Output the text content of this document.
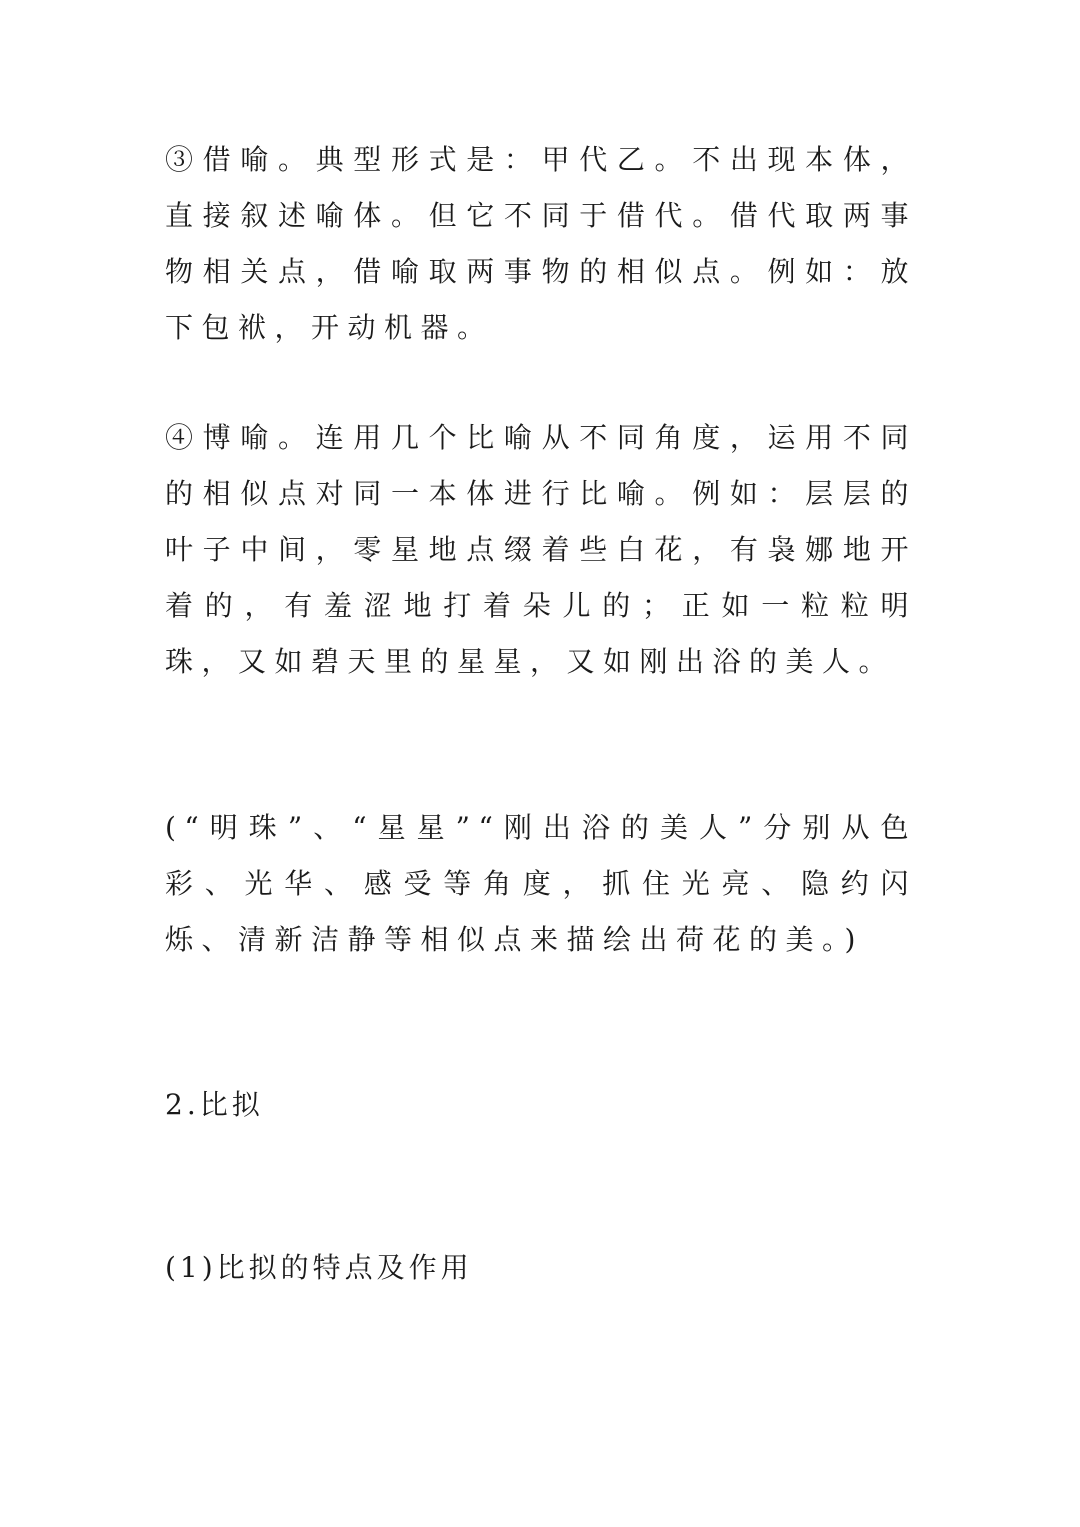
③借喻。典型形式是：甲代乙。不出现本体，直接叙述喻体。但它不同于借代。借代取两事物相关点，借喻取两事物的相似点。例如：放下包袱，开动机器。

④博喻。连用几个比喻从不同角度，运用不同的相似点对同一本体进行比喻。例如：层层的叶子中间，零星地点缀着些白花，有袅娜地开着的，有羞涩地打着朵儿的；正如一粒粒明珠，又如碧天里的星星，又如刚出浴的美人。

(“明珠”、“星星”“刚出浴的美人”分别从色彩、光华、感受等角度，抓住光亮、隐约闪烁、清新洁静等相似点来描绘出荷花的美。)

2.比拟

(1)比拟的特点及作用
